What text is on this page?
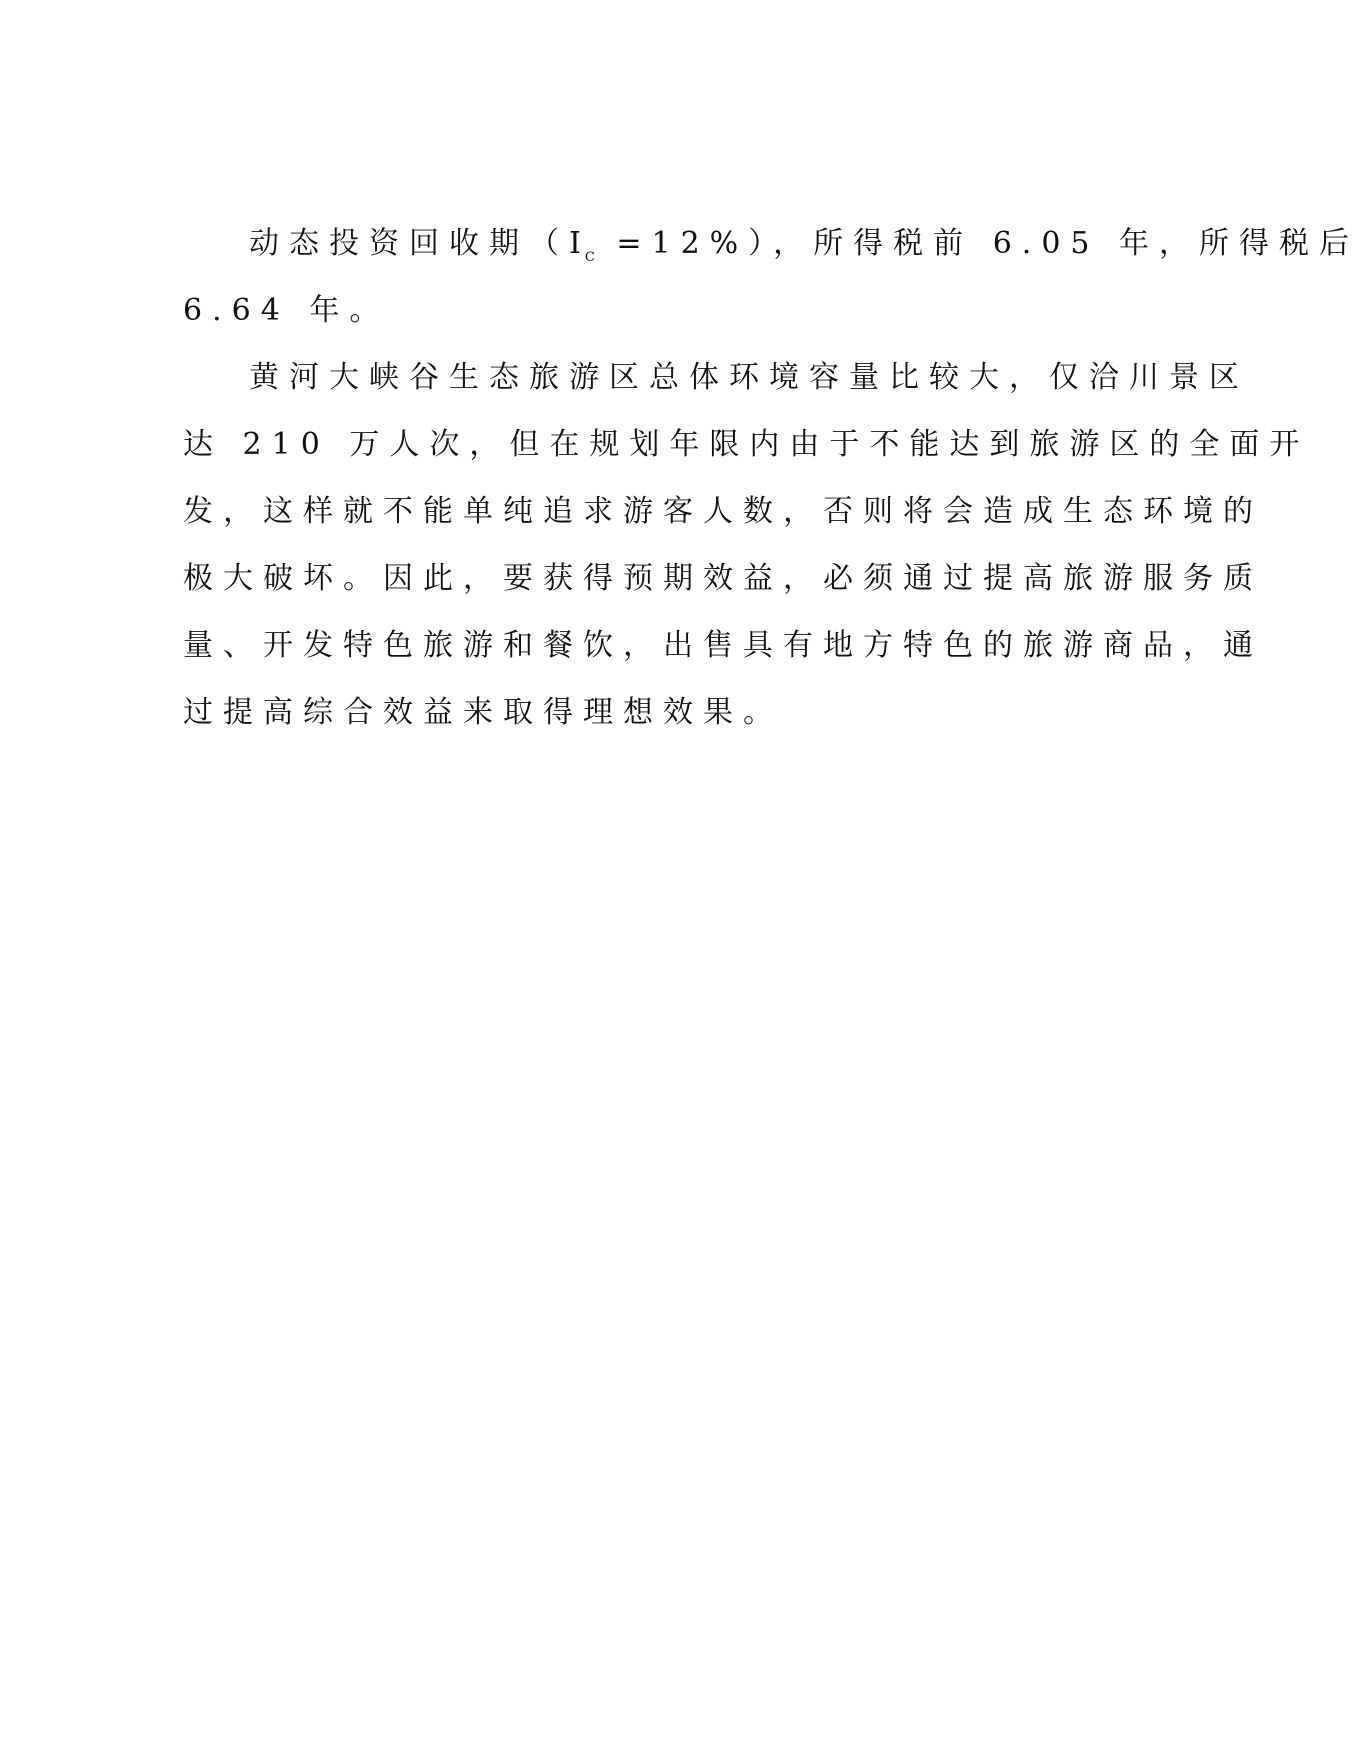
动态投资回收期$(I_C =12\%)$，所得税前 6.05 年，所得税后

6.64 年。

黄河大峡谷生态旅游区总体环境容量比较大，仅洽川景区

达 210 万人次，但在规划年限内由于不能达到旅游区的全面开

发，这样就不能单纯追求游客人数，否则将会造成生态环境的

极大破坏。因此，要获得预期效益，必须通过提高旅游服务质

量、开发特色旅游和餐饮，出售具有地方特色的旅游商品，通

过提高综合效益来取得理想效果。
